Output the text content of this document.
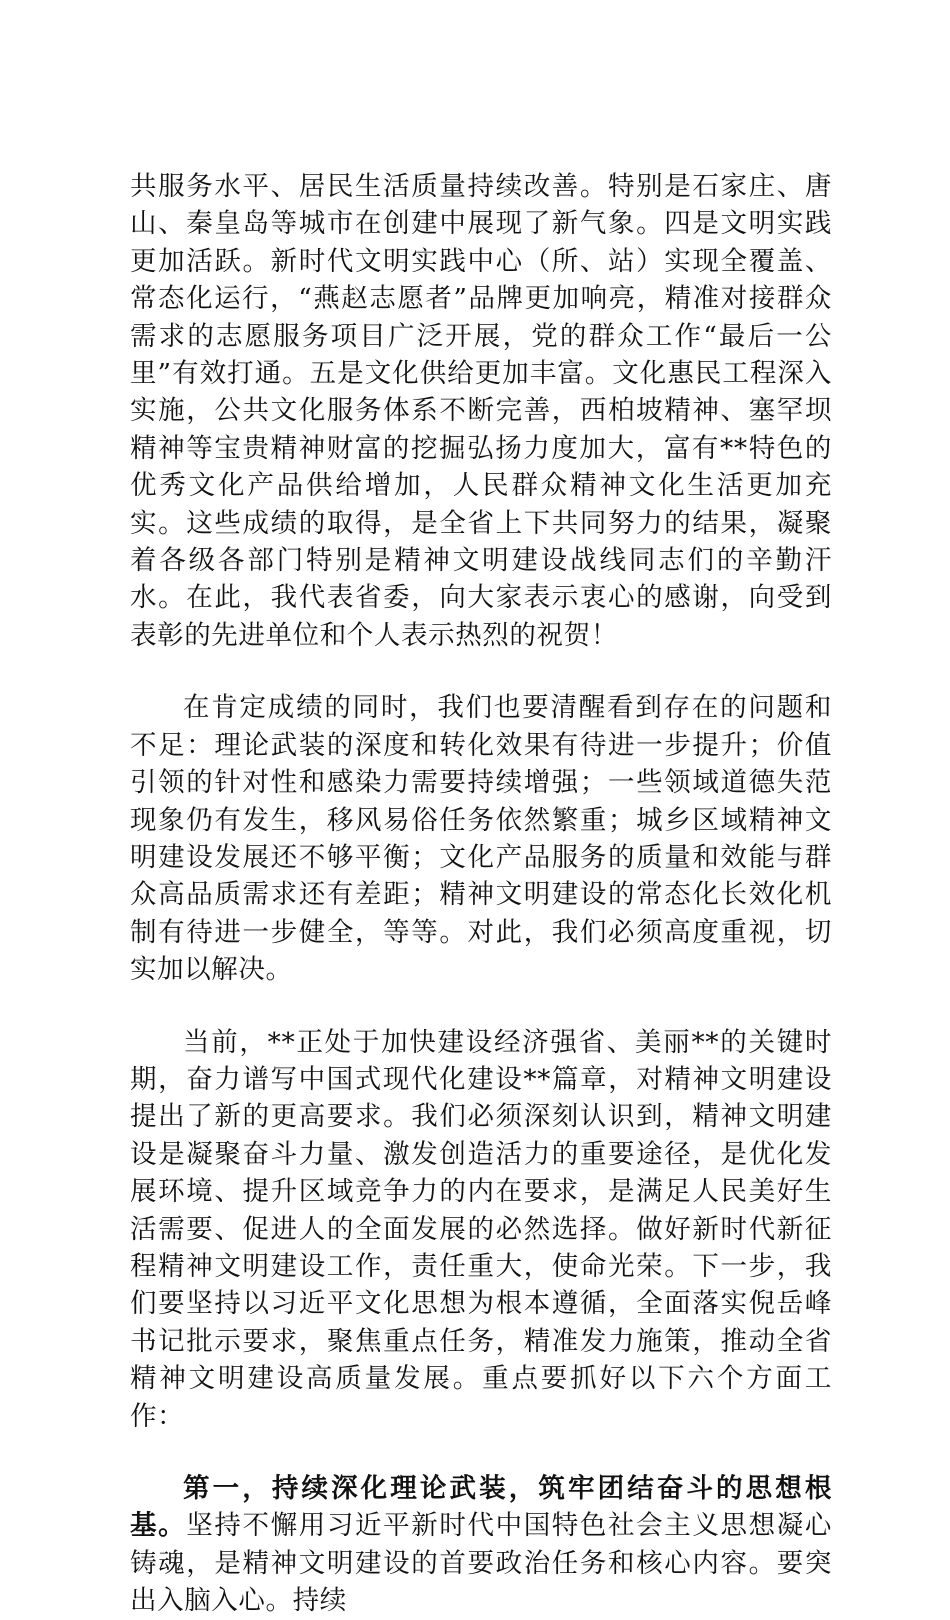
共服务水平、居民生活质量持续改善。特别是石家庄、唐山、秦皇岛等城市在创建中展现了新气象。四是文明实践更加活跃。新时代文明实践中心（所、站）实现全覆盖、常态化运行，“燕赵志愿者”品牌更加响亮，精准对接群众需求的志愿服务项目广泛开展，党的群众工作“最后一公里”有效打通。五是文化供给更加丰富。文化惠民工程深入实施，公共文化服务体系不断完善，西柏坡精神、塞罕坝精神等宝贵精神财富的挖掘弘扬力度加大，富有**特色的优秀文化产品供给增加，人民群众精神文化生活更加充实。这些成绩的取得，是全省上下共同努力的结果，凝聚着各级各部门特别是精神文明建设战线同志们的辛勤汗水。在此，我代表省委，向大家表示衷心的感谢，向受到表彰的先进单位和个人表示热烈的祝贺！

在肯定成绩的同时，我们也要清醒看到存在的问题和不足：理论武装的深度和转化效果有待进一步提升；价值引领的针对性和感染力需要持续增强；一些领域道德失范现象仍有发生，移风易俗任务依然繁重；城乡区域精神文明建设发展还不够平衡；文化产品服务的质量和效能与群众高品质需求还有差距；精神文明建设的常态化长效化机制有待进一步健全，等等。对此，我们必须高度重视，切实加以解决。

当前，**正处于加快建设经济强省、美丽**的关键时期，奋力谱写中国式现代化建设**篇章，对精神文明建设提出了新的更高要求。我们必须深刻认识到，精神文明建设是凝聚奋斗力量、激发创造活力的重要途径，是优化发展环境、提升区域竞争力的内在要求，是满足人民美好生活需要、促进人的全面发展的必然选择。做好新时代新征程精神文明建设工作，责任重大，使命光荣。下一步，我们要坚持以习近平文化思想为根本遵循，全面落实倪岳峰书记批示要求，聚焦重点任务，精准发力施策，推动全省精神文明建设高质量发展。重点要抓好以下六个方面工作：

第一，持续深化理论武装，筑牢团结奋斗的思想根基。坚持不懈用习近平新时代中国特色社会主义思想凝心铸魂，是精神文明建设的首要政治任务和核心内容。要突出入脑入心。持续
